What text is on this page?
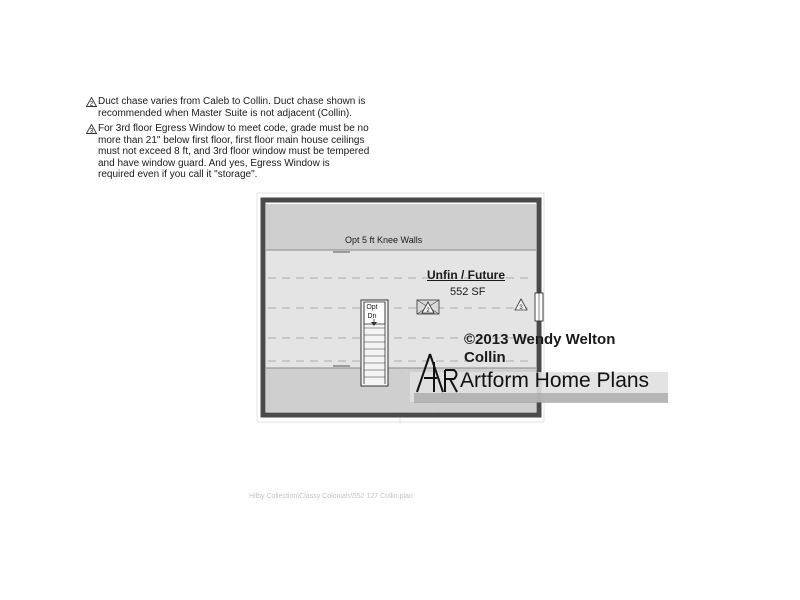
2 Duct chase varies from Caleb to Collin. Duct chase shown is
recommended when Master Suite is not adjacent (Collin).
3 For 3rd floor Egress Window to meet code, grade must be no
more than 21" below first floor, first floor main house ceilings
must not exceed 8 ft, and 3rd floor window must be tempered
and have window guard. And yes, Egress Window is
required even if you call it "storage".
2	3
Opt 5 ft Knee Walls
Unfin / Future
552 SF
Opt
Dn
©2013 Wendy Welton
Collin
Artform Home Plans
Hilby Collection\Classy Colonials\552 127 Collin.plan
